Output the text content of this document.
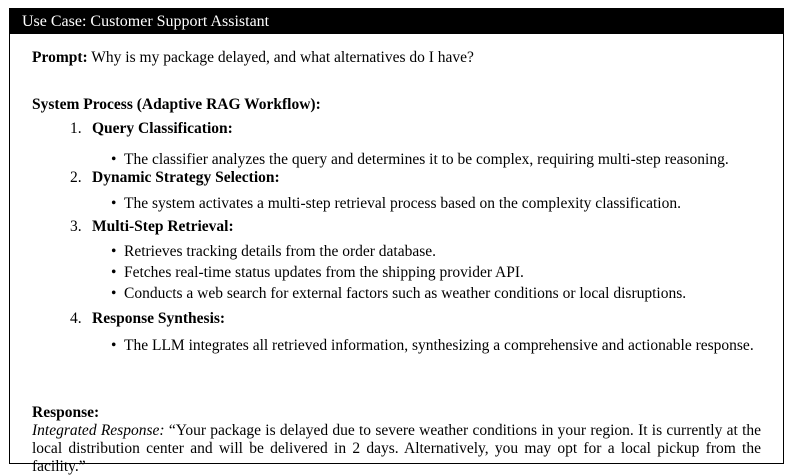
Use Case: Customer Support Assistant
Prompt: Why is my package delayed, and what alternatives do I have?
System Process (Adaptive RAG Workflow):
1. Query Classification:
• The classifier analyzes the query and determines it to be complex, requiring multi-step reasoning.
2. Dynamic Strategy Selection:
• The system activates a multi-step retrieval process based on the complexity classification.
3. Multi-Step Retrieval:
• Retrieves tracking details from the order database.
• Fetches real-time status updates from the shipping provider API.
• Conducts a web search for external factors such as weather conditions or local disruptions.
4. Response Synthesis:
• The LLM integrates all retrieved information, synthesizing a comprehensive and actionable response.
Response:
Integrated Response: “Your package is delayed due to severe weather conditions in your region. It is currently at the local distribution center and will be delivered in 2 days. Alternatively, you may opt for a local pickup from the facility.”
